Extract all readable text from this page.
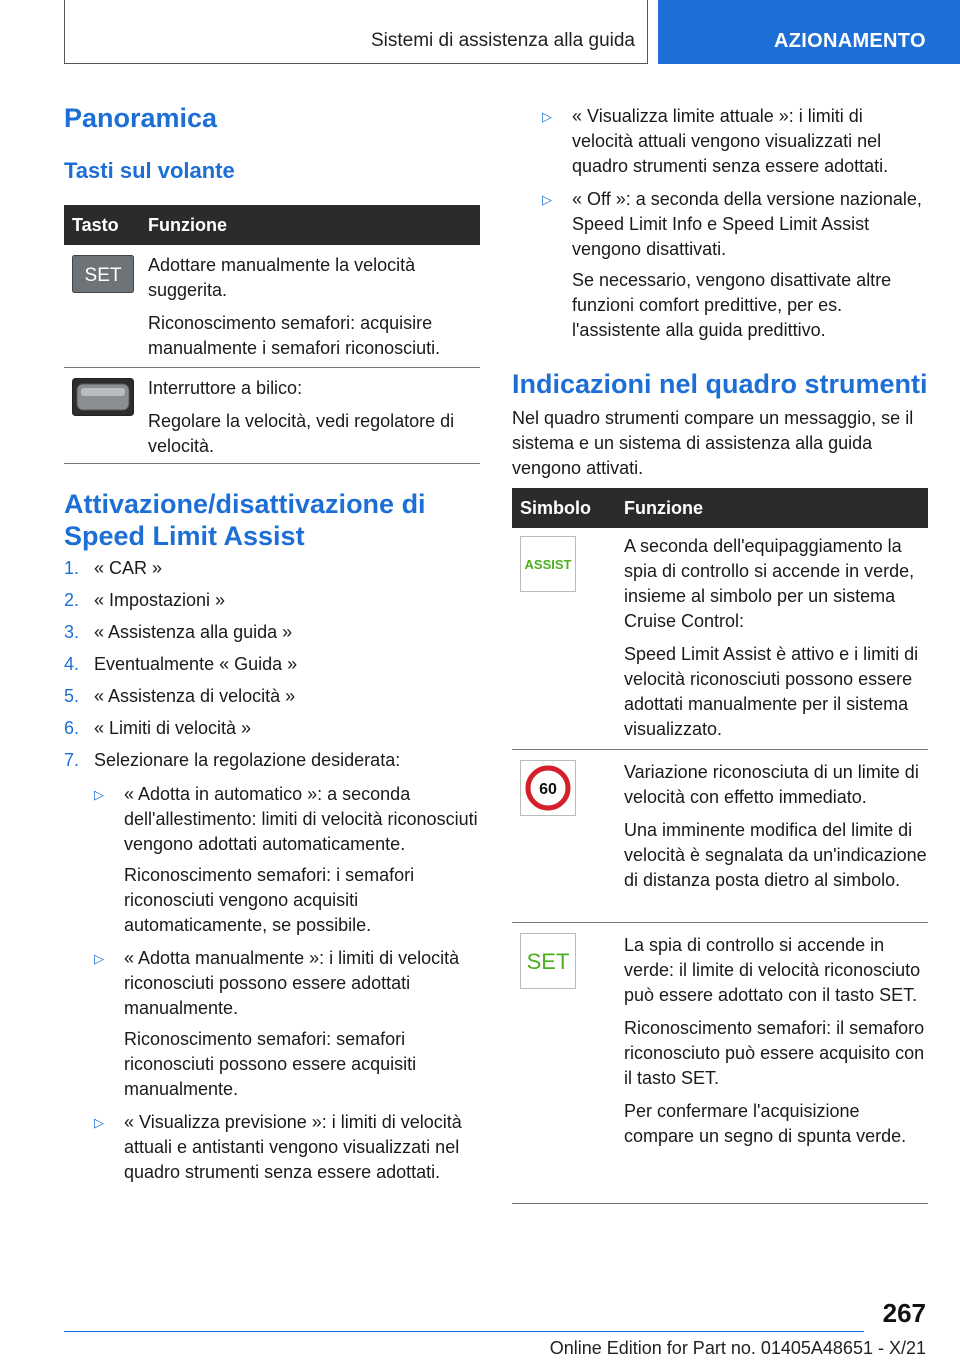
Sistemi di assistenza alla guida	AZIONAMENTO
Panoramica
Tasti sul volante
Tasto Funzione
SET Adottare manualmente la velocità suggerita.

Riconoscimento semafori: acquisire manualmente i semafori riconosciuti.

Interruttore a bilico:

Regolare la velocità, vedi regolatore di velocità.

Attivazione/disattivazione di Speed Limit Assist
1. « CAR »
2. « Impostazioni »
3. « Assistenza alla guida »
4. Eventualmente « Guida »
5. « Assistenza di velocità »
6. « Limiti di velocità »
7. Selezionare la regolazione desiderata:
▷ « Adotta in automatico »: a seconda dell'allestimento: limiti di velocità riconosciuti vengono adottati automaticamente.

Riconoscimento semafori: i semafori riconosciuti vengono acquisiti automaticamente, se possibile.

▷ « Adotta manualmente »: i limiti di velocità riconosciuti possono essere adottati manualmente.

Riconoscimento semafori: semafori riconosciuti possono essere acquisiti manualmente.

▷ « Visualizza previsione »: i limiti di velocità attuali e antistanti vengono visualizzati nel quadro strumenti senza essere adottati.

▷ « Visualizza limite attuale »: i limiti di velocità attuali vengono visualizzati nel quadro strumenti senza essere adottati.

▷ « Off »: a seconda della versione nazionale, Speed Limit Info e Speed Limit Assist vengono disattivati.

Se necessario, vengono disattivate altre funzioni comfort predittive, per es. l'assistente alla guida predittivo.

Indicazioni nel quadro strumenti

Nel quadro strumenti compare un messaggio, se il sistema e un sistema di assistenza alla guida vengono attivati.

Simbolo Funzione
ASSIST

A seconda dell'equipaggiamento la spia di controllo si accende in verde, insieme al simbolo per un sistema Cruise Control:

Speed Limit Assist è attivo e i limiti di velocità riconosciuti possono essere adottati manualmente per il sistema visualizzato.

60

Variazione riconosciuta di un limite di velocità con effetto immediato.

Una imminente modifica del limite di velocità è segnalata da un'indicazione di distanza posta dietro al simbolo.

SET

La spia di controllo si accende in verde: il limite di velocità riconosciuto può essere adottato con il tasto SET.

Riconoscimento semafori: il semaforo riconosciuto può essere acquisito con il tasto SET.

Per confermare l'acquisizione compare un segno di spunta verde.

267
Online Edition for Part no. 01405A48651 - X/21
